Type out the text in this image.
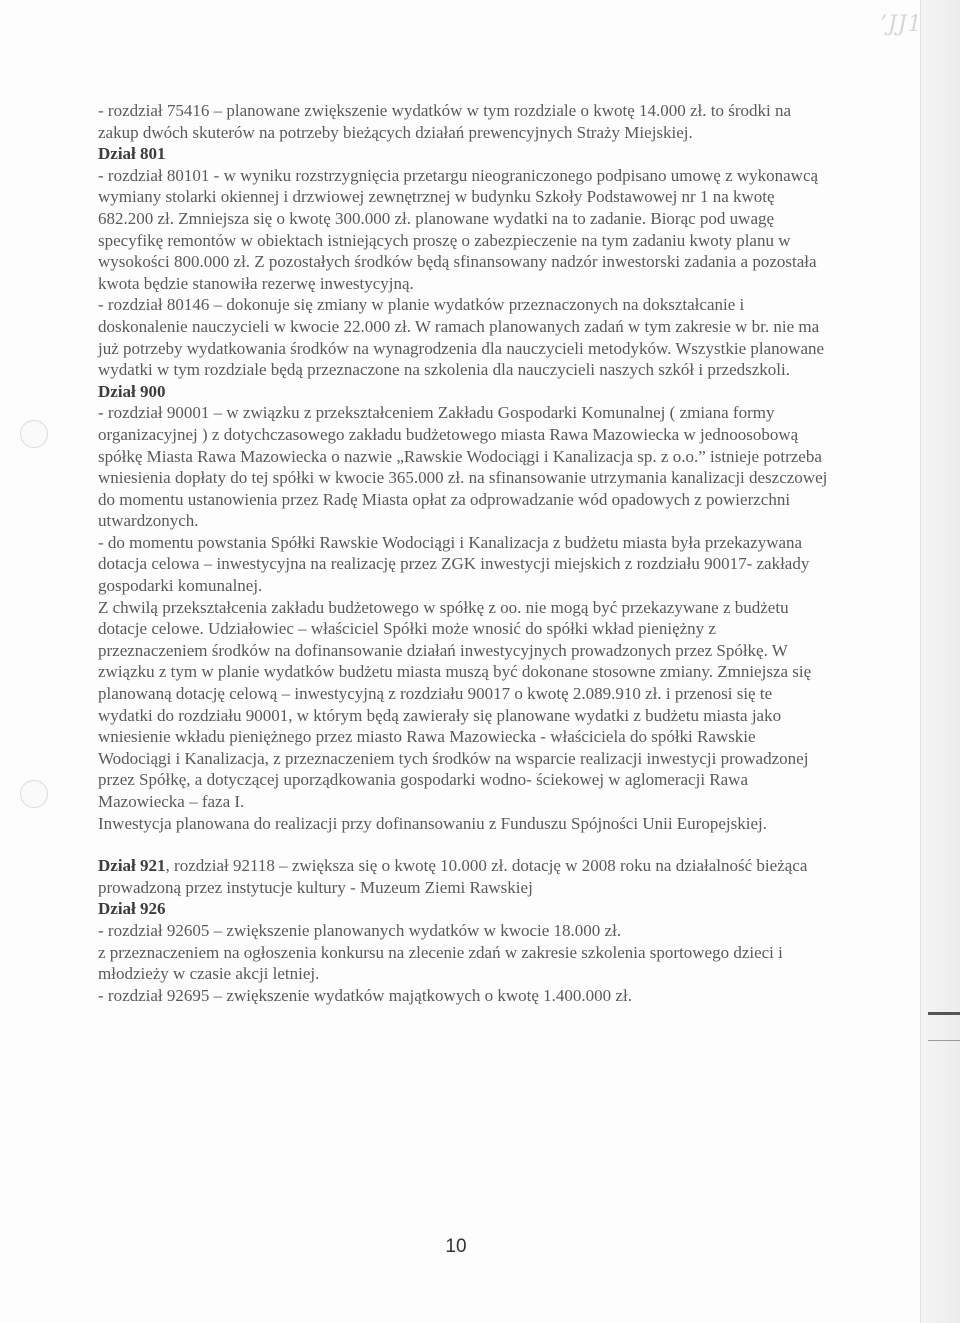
’JJ1

- rozdział 75416 – planowane zwiększenie wydatków w tym rozdziale o kwotę 14.000 zł. to środki na zakup dwóch skuterów na potrzeby bieżących działań prewencyjnych Straży Miejskiej.

Dział 801

- rozdział 80101 - w wyniku rozstrzygnięcia przetargu nieograniczonego podpisano umowę z wykonawcą wymiany stolarki okiennej i drzwiowej zewnętrznej w budynku Szkoły Podstawowej nr 1 na kwotę 682.200 zł. Zmniejsza się o kwotę 300.000 zł. planowane wydatki na to zadanie. Biorąc pod uwagę specyfikę remontów w obiektach istniejących proszę o zabezpieczenie na tym zadaniu kwoty planu w wysokości 800.000 zł. Z pozostałych środków będą sfinansowany nadzór inwestorski zadania a pozostała kwota będzie stanowiła rezerwę inwestycyjną.

- rozdział 80146 – dokonuje się zmiany w planie wydatków przeznaczonych na dokształcanie i doskonalenie nauczycieli w kwocie 22.000 zł. W ramach planowanych zadań w tym zakresie w br. nie ma już potrzeby wydatkowania środków na wynagrodzenia dla nauczycieli metodyków. Wszystkie planowane wydatki w tym rozdziale będą przeznaczone na szkolenia dla nauczycieli naszych szkół i przedszkoli.

Dział 900

- rozdział 90001 – w związku z przekształceniem Zakładu Gospodarki Komunalnej ( zmiana formy organizacyjnej ) z dotychczasowego zakładu budżetowego miasta Rawa Mazowiecka w jednoosobową spółkę Miasta Rawa Mazowiecka o nazwie „Rawskie Wodociągi i Kanalizacja sp. z o.o.” istnieje potrzeba wniesienia dopłaty do tej spółki w kwocie 365.000 zł. na sfinansowanie utrzymania kanalizacji deszczowej do momentu ustanowienia przez Radę Miasta opłat za odprowadzanie wód opadowych z powierzchni utwardzonych.

- do momentu powstania Spółki Rawskie Wodociągi i Kanalizacja z budżetu miasta była przekazywana dotacja celowa – inwestycyjna na realizację przez ZGK inwestycji miejskich z rozdziału 90017- zakłady gospodarki komunalnej.

Z chwilą przekształcenia zakładu budżetowego w spółkę z oo. nie mogą być przekazywane z budżetu dotacje celowe. Udziałowiec – właściciel Spółki może wnosić do spółki wkład pieniężny z przeznaczeniem środków na dofinansowanie działań inwestycyjnych prowadzonych przez Spółkę. W związku z tym w planie wydatków budżetu miasta muszą być dokonane stosowne zmiany. Zmniejsza się planowaną dotację celową – inwestycyjną z rozdziału 90017 o kwotę 2.089.910 zł. i przenosi się te wydatki do rozdziału 90001, w którym będą zawierały się planowane wydatki z budżetu miasta jako wniesienie wkładu pieniężnego przez miasto Rawa Mazowiecka - właściciela do spółki Rawskie Wodociągi i Kanalizacja, z przeznaczeniem tych środków na wsparcie realizacji inwestycji prowadzonej przez Spółkę, a dotyczącej uporządkowania gospodarki wodno- ściekowej w aglomeracji Rawa Mazowiecka – faza I.

Inwestycja planowana do realizacji przy dofinansowaniu z Funduszu Spójności Unii Europejskiej.

Dział 921, rozdział 92118 – zwiększa się o kwotę 10.000 zł. dotację w 2008 roku na działalność bieżąca prowadzoną przez instytucje kultury - Muzeum Ziemi Rawskiej

Dział 926

- rozdział 92605 – zwiększenie planowanych wydatków w kwocie 18.000 zł.

z przeznaczeniem na ogłoszenia konkursu na zlecenie zdań w zakresie szkolenia sportowego dzieci i młodzieży w czasie akcji letniej.

- rozdział 92695 – zwiększenie wydatków majątkowych o kwotę 1.400.000 zł.

10
